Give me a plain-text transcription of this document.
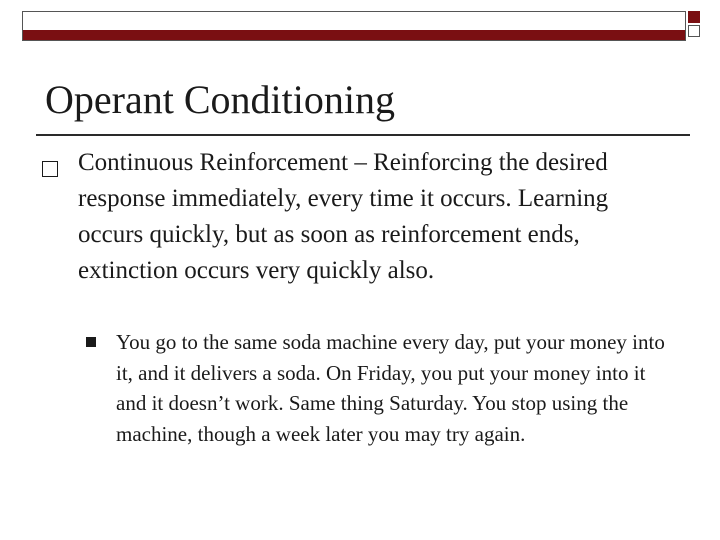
Operant Conditioning

Continuous Reinforcement – Reinforcing the desired response immediately, every time it occurs. Learning occurs quickly, but as soon as reinforcement ends, extinction occurs very quickly also.

You go to the same soda machine every day, put your money into it, and it delivers a soda. On Friday, you put your money into it and it doesn’t work. Same thing Saturday. You stop using the machine, though a week later you may try again.
